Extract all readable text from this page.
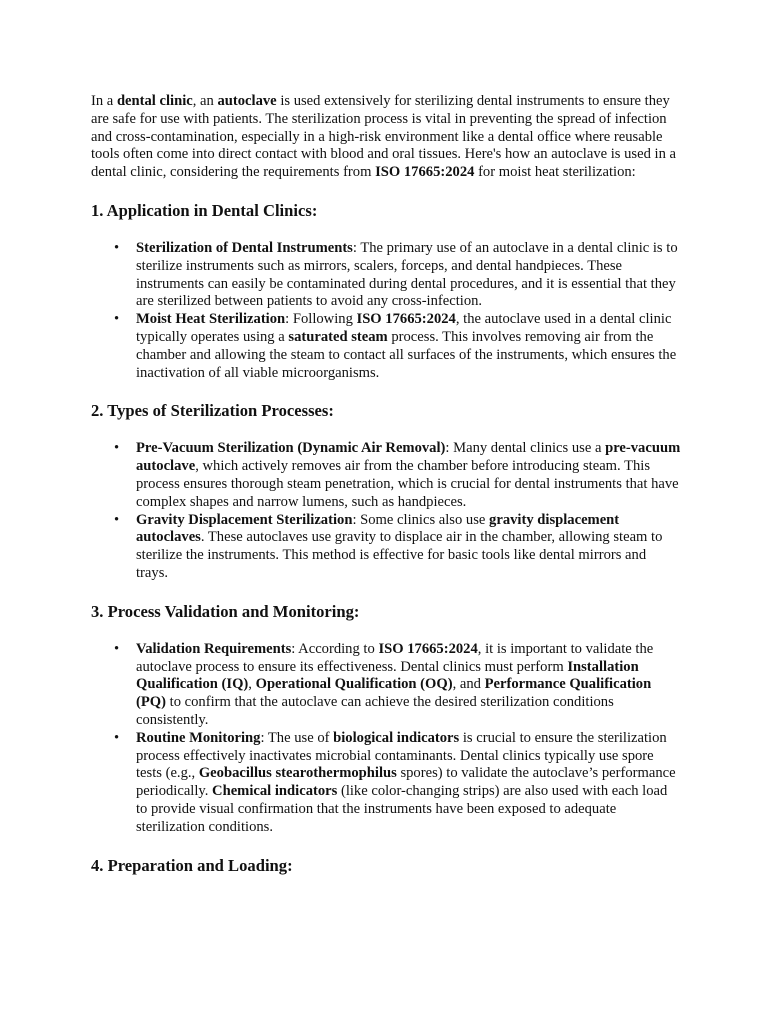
In a dental clinic, an autoclave is used extensively for sterilizing dental instruments to ensure they are safe for use with patients. The sterilization process is vital in preventing the spread of infection and cross-contamination, especially in a high-risk environment like a dental office where reusable tools often come into direct contact with blood and oral tissues. Here's how an autoclave is used in a dental clinic, considering the requirements from ISO 17665:2024 for moist heat sterilization:

1. Application in Dental Clinics:
• Sterilization of Dental Instruments: The primary use of an autoclave in a dental clinic is to sterilize instruments such as mirrors, scalers, forceps, and dental handpieces. These instruments can easily be contaminated during dental procedures, and it is essential that they are sterilized between patients to avoid any cross-infection.
• Moist Heat Sterilization: Following ISO 17665:2024, the autoclave used in a dental clinic typically operates using a saturated steam process. This involves removing air from the chamber and allowing the steam to contact all surfaces of the instruments, which ensures the inactivation of all viable microorganisms.
2. Types of Sterilization Processes:
• Pre-Vacuum Sterilization (Dynamic Air Removal): Many dental clinics use a pre-vacuum autoclave, which actively removes air from the chamber before introducing steam. This process ensures thorough steam penetration, which is crucial for dental instruments that have complex shapes and narrow lumens, such as handpieces.
• Gravity Displacement Sterilization: Some clinics also use gravity displacement autoclaves. These autoclaves use gravity to displace air in the chamber, allowing steam to sterilize the instruments. This method is effective for basic tools like dental mirrors and trays.
3. Process Validation and Monitoring:
• Validation Requirements: According to ISO 17665:2024, it is important to validate the autoclave process to ensure its effectiveness. Dental clinics must perform Installation Qualification (IQ), Operational Qualification (OQ), and Performance Qualification (PQ) to confirm that the autoclave can achieve the desired sterilization conditions consistently.
• Routine Monitoring: The use of biological indicators is crucial to ensure the sterilization process effectively inactivates microbial contaminants. Dental clinics typically use spore tests (e.g., Geobacillus stearothermophilus spores) to validate the autoclave’s performance periodically. Chemical indicators (like color-changing strips) are also used with each load to provide visual confirmation that the instruments have been exposed to adequate sterilization conditions.
4. Preparation and Loading:
